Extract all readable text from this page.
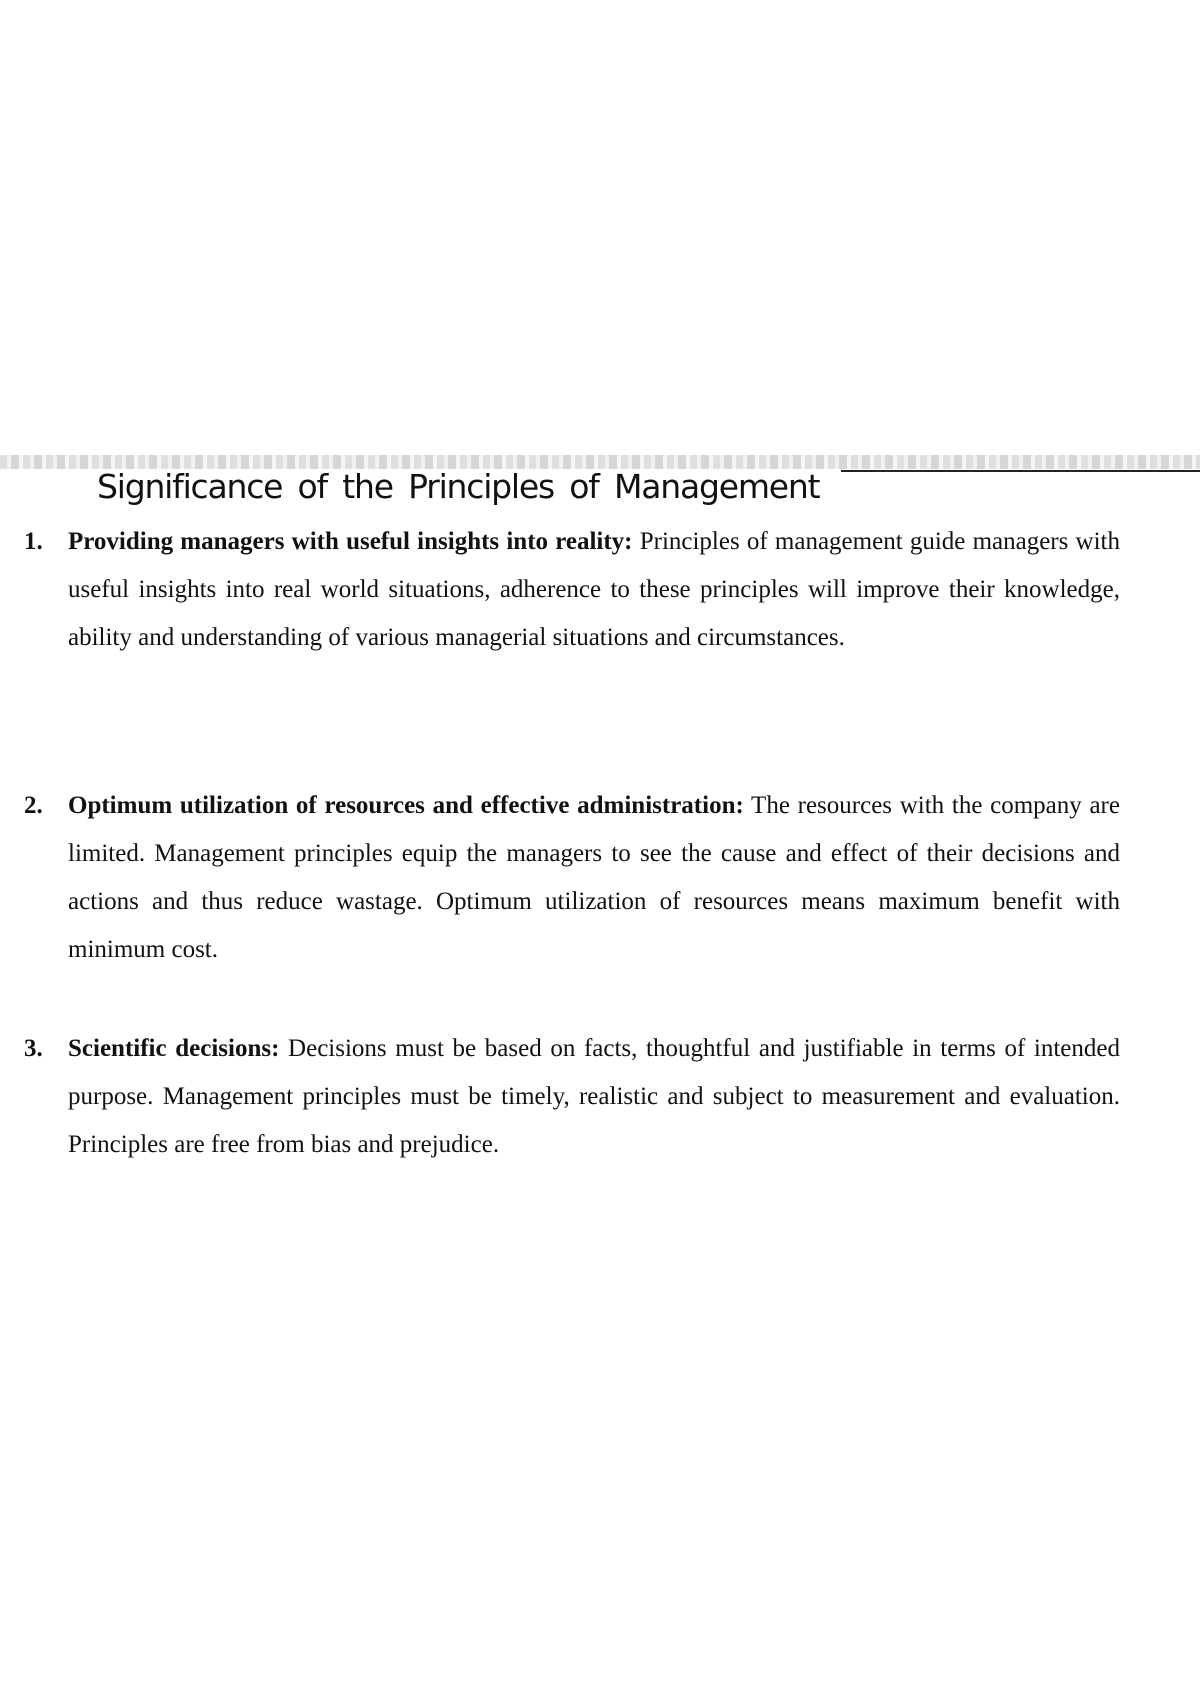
Significance of the Principles of Management
1.	Providing managers with useful insights into reality: Principles of management guide managers with useful insights into real world situations, adherence to these principles will improve their knowledge, ability and understanding of various managerial situations and circumstances.
2.	Optimum utilization of resources and effective administration: The resources with the company are limited. Management principles equip the managers to see the cause and effect of their decisions and actions and thus reduce wastage. Optimum utilization of resources means maximum benefit with minimum cost.
3.	Scientific decisions: Decisions must be based on facts, thoughtful and justifiable in terms of intended purpose. Management principles must be timely, realistic and subject to measurement and evaluation. Principles are free from bias and prejudice.
